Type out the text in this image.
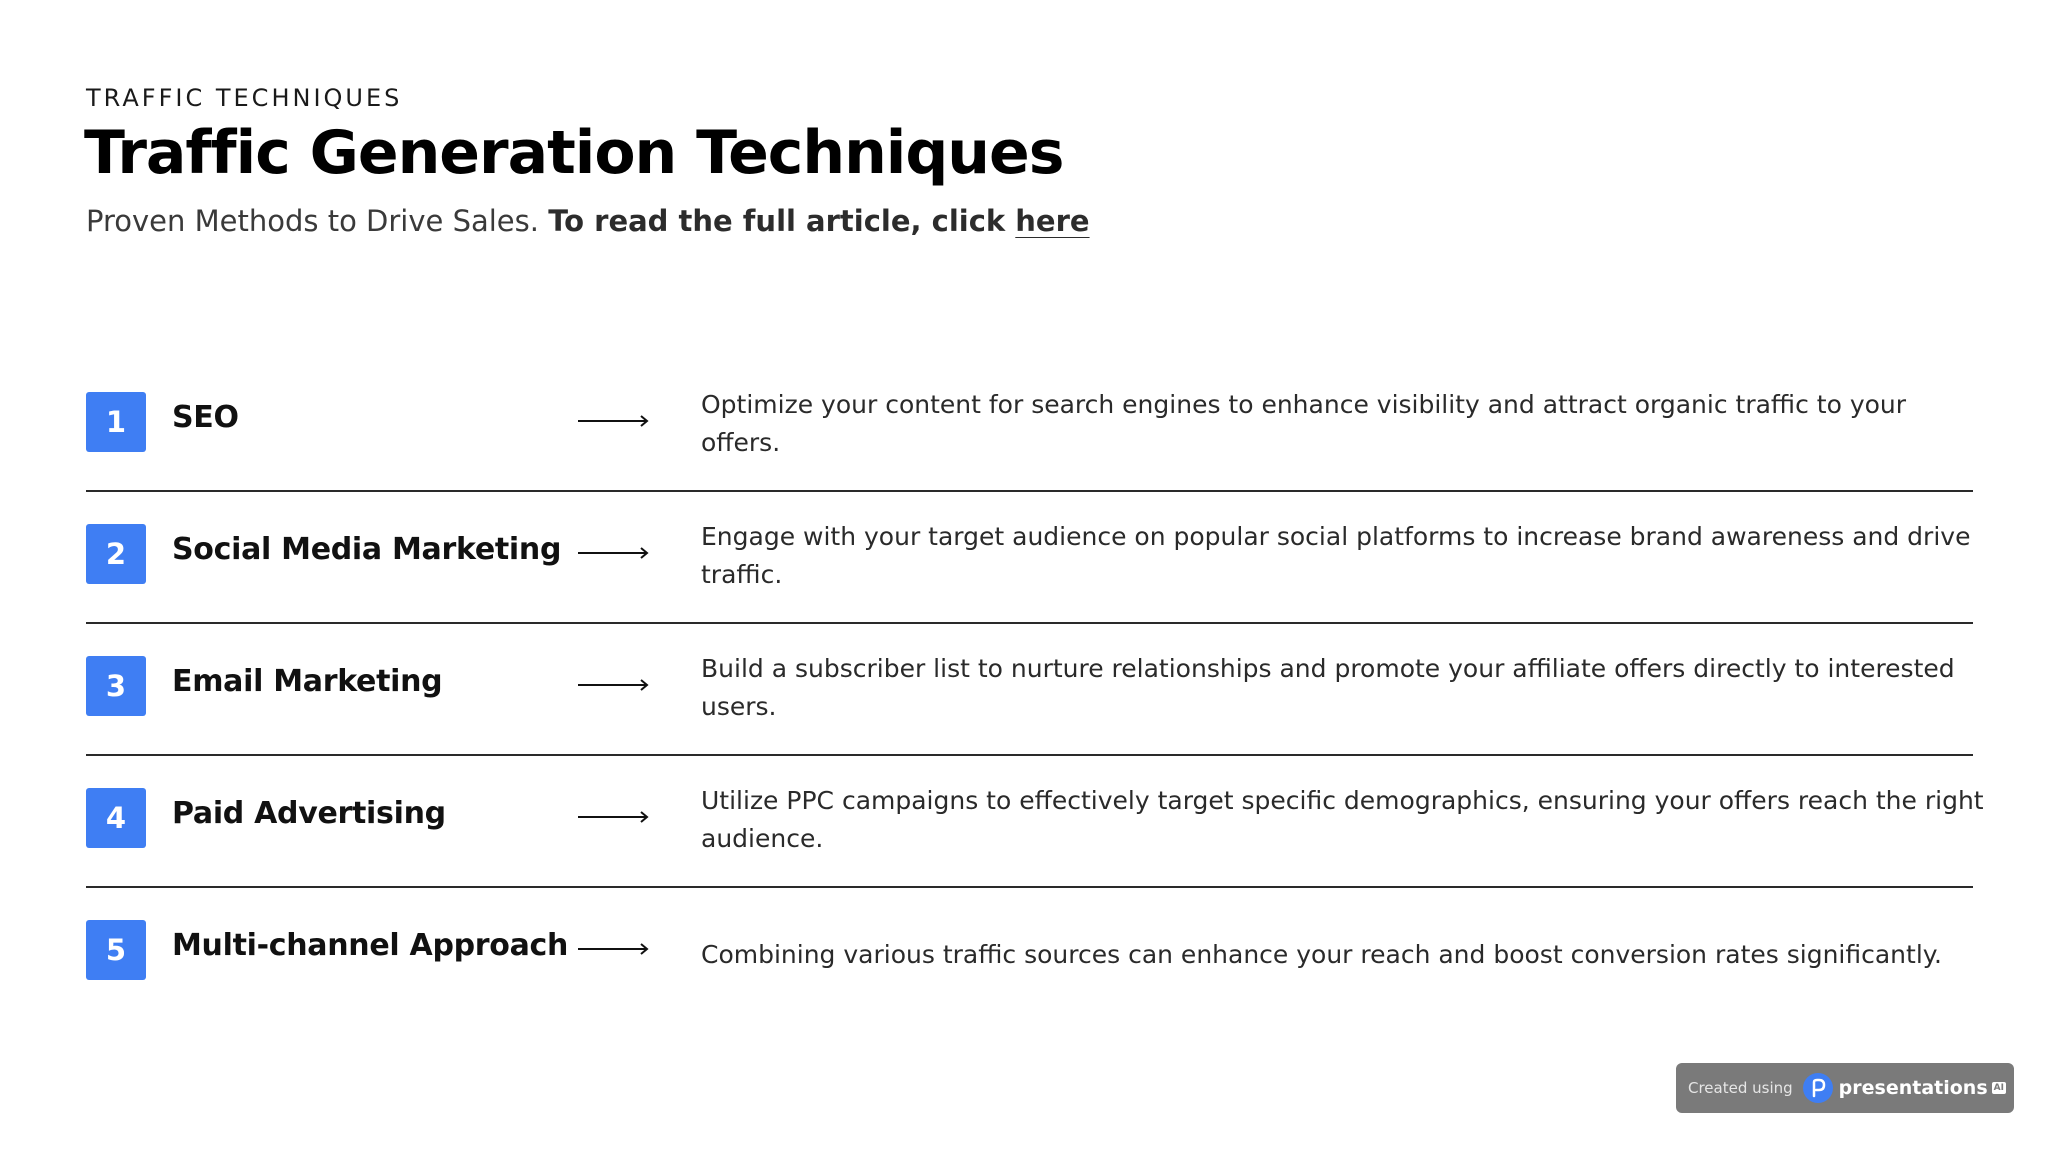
TRAFFIC TECHNIQUES
Traffic Generation Techniques
Proven Methods to Drive Sales. To read the full article, click here
1	SEO	Optimize your content for search engines to enhance visibility and attract organic traffic to your offers.
2	Social Media Marketing	Engage with your target audience on popular social platforms to increase brand awareness and drive traffic.
3	Email Marketing	Build a subscriber list to nurture relationships and promote your affiliate offers directly to interested users.
4	Paid Advertising	Utilize PPC campaigns to effectively target specific demographics, ensuring your offers reach the right audience.
5	Multi-channel Approach	Combining various traffic sources can enhance your reach and boost conversion rates significantly.
Created using presentations AI
